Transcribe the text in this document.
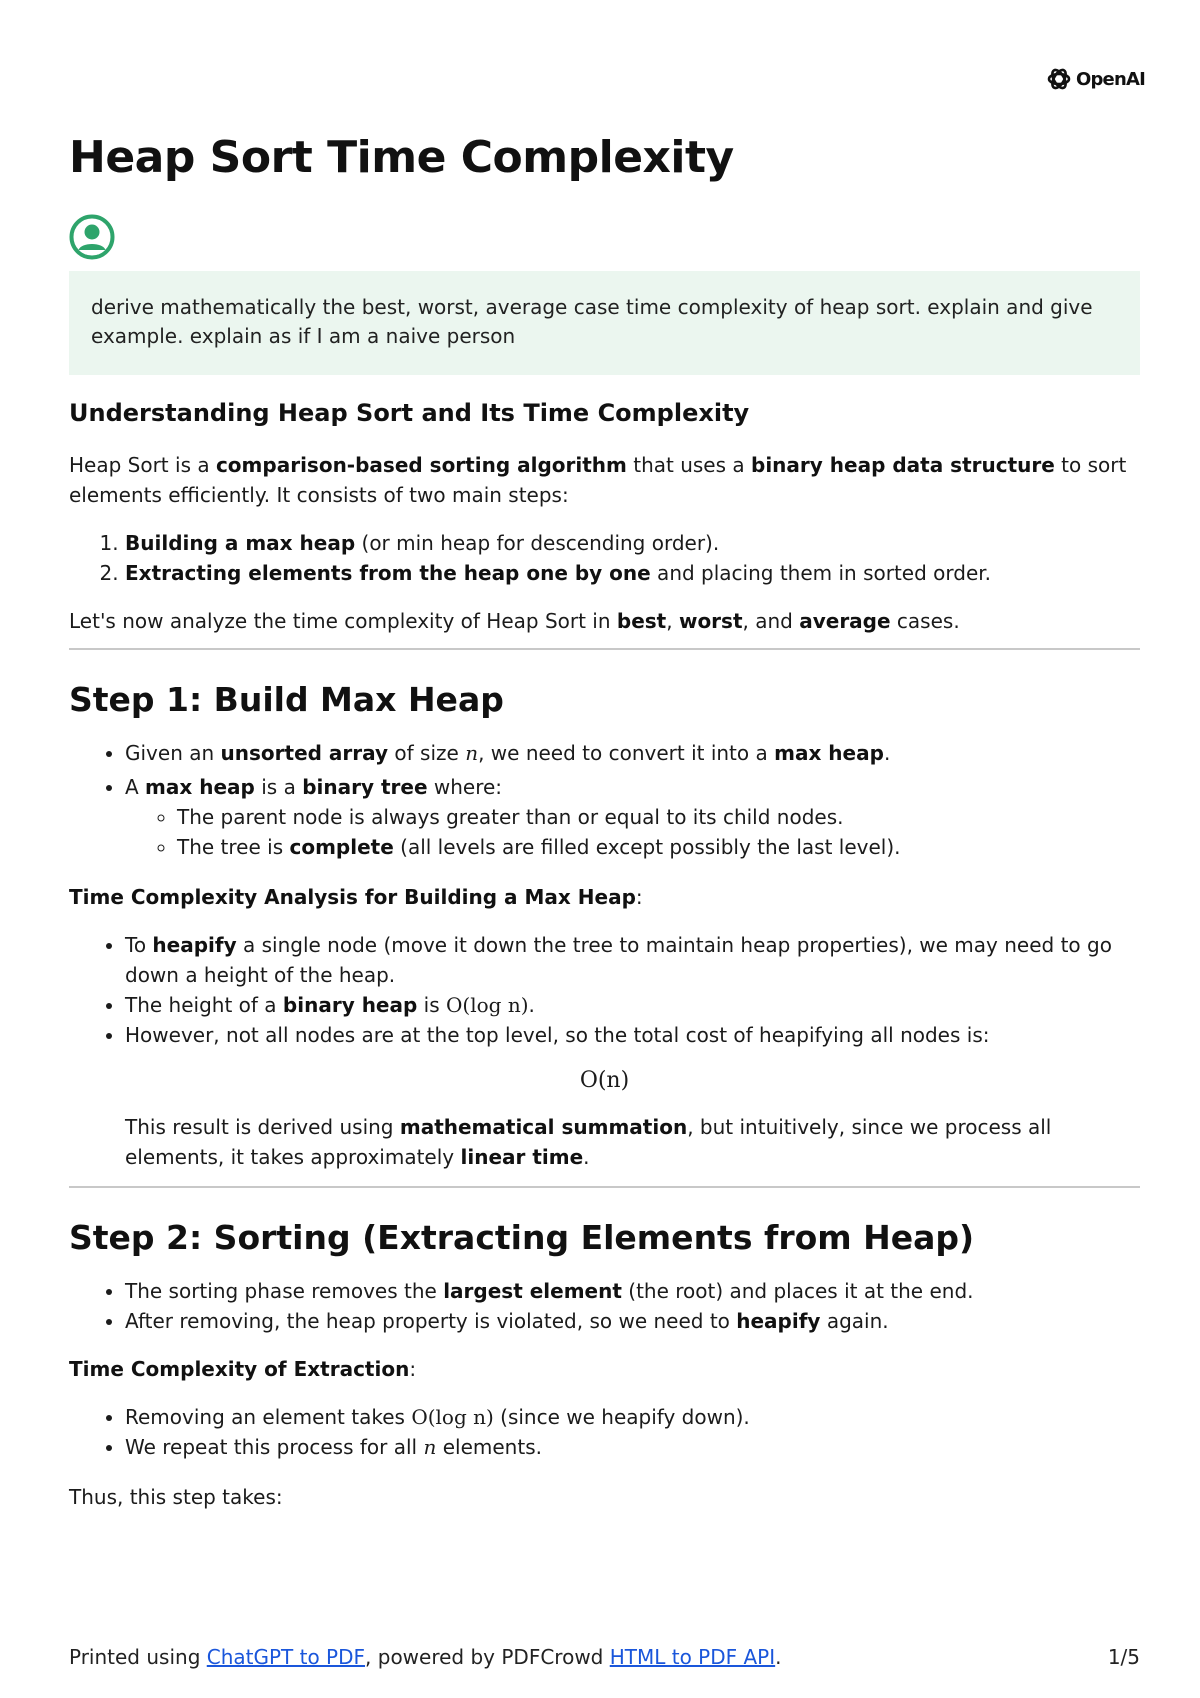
OpenAI
Heap Sort Time Complexity
derive mathematically the best, worst, average case time complexity of heap sort. explain and give example. explain as if I am a naive person
Understanding Heap Sort and Its Time Complexity

Heap Sort is a comparison-based sorting algorithm that uses a binary heap data structure to sort elements efficiently. It consists of two main steps:

1. Building a max heap (or min heap for descending order).
2. Extracting elements from the heap one by one and placing them in sorted order.

Let's now analyze the time complexity of Heap Sort in best, worst, and average cases.

Step 1: Build Max Heap
• Given an unsorted array of size n, we need to convert it into a max heap.
• A max heap is a binary tree where:
◦ The parent node is always greater than or equal to its child nodes.
◦ The tree is complete (all levels are filled except possibly the last level).

Time Complexity Analysis for Building a Max Heap:

• To heapify a single node (move it down the tree to maintain heap properties), we may need to go down a height of the heap.
• The height of a binary heap is O(log n).
• However, not all nodes are at the top level, so the total cost of heapifying all nodes is:
O(n)

This result is derived using mathematical summation, but intuitively, since we process all elements, it takes approximately linear time.

Step 2: Sorting (Extracting Elements from Heap)
• The sorting phase removes the largest element (the root) and places it at the end.
• After removing, the heap property is violated, so we need to heapify again.

Time Complexity of Extraction:

• Removing an element takes O(log n) (since we heapify down).
• We repeat this process for all n elements.

Thus, this step takes:

Printed using ChatGPT to PDF, powered by PDFCrowd HTML to PDF API.	1/5
